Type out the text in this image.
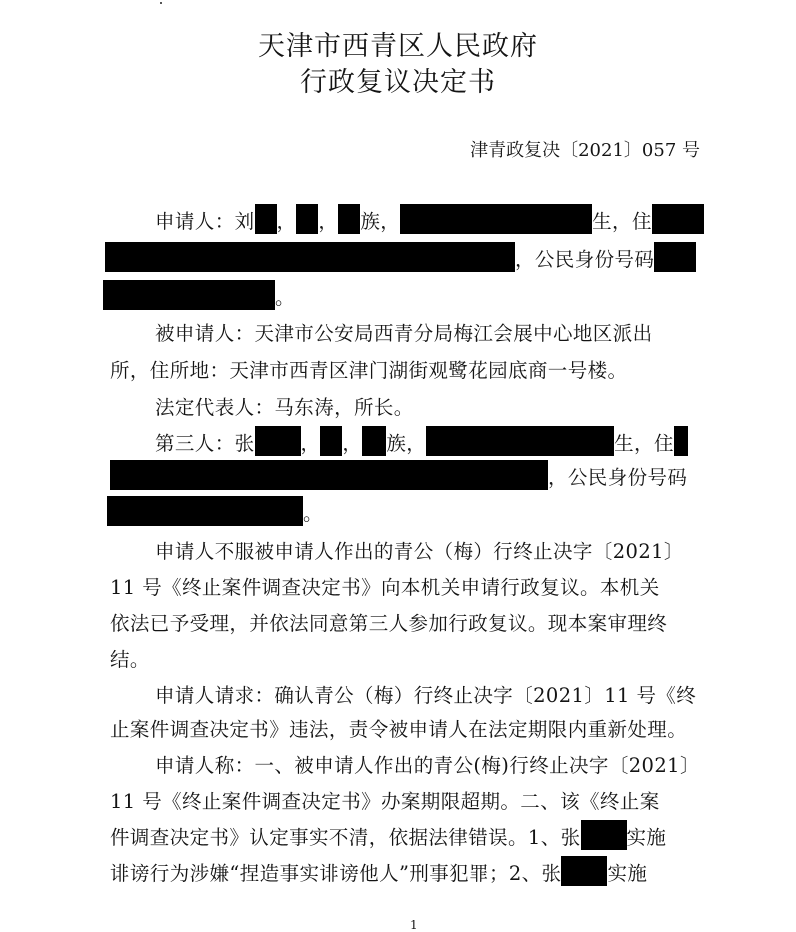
天津市西青区人民政府
行政复议决定书
津青政复决〔2021〕057 号
申请人：刘 ， ， 族，	生，住
，公民身份号码
。
被申请人：天津市公安局西青分局梅江会展中心地区派出
所，住所地：天津市西青区津门湖街观鹭花园底商一号楼。
法定代表人：马东涛，所长。
第三人：张 ， ， 族，	生，住
，公民身份号码
。
申请人不服被申请人作出的青公（梅）行终止决字〔2021〕
11 号《终止案件调查决定书》向本机关申请行政复议。本机关
依法已予受理，并依法同意第三人参加行政复议。现本案审理终
结。
申请人请求：确认青公（梅）行终止决字〔2021〕11 号《终
止案件调查决定书》违法，责令被申请人在法定期限内重新处理。
申请人称：一、被申请人作出的青公(梅)行终止决字〔2021〕
11 号《终止案件调查决定书》办案期限超期。二、该《终止案
件调查决定书》认定事实不清，依据法律错误。1、张 实施
诽谤行为涉嫌“捏造事实诽谤他人”刑事犯罪；2、张 实施
1
